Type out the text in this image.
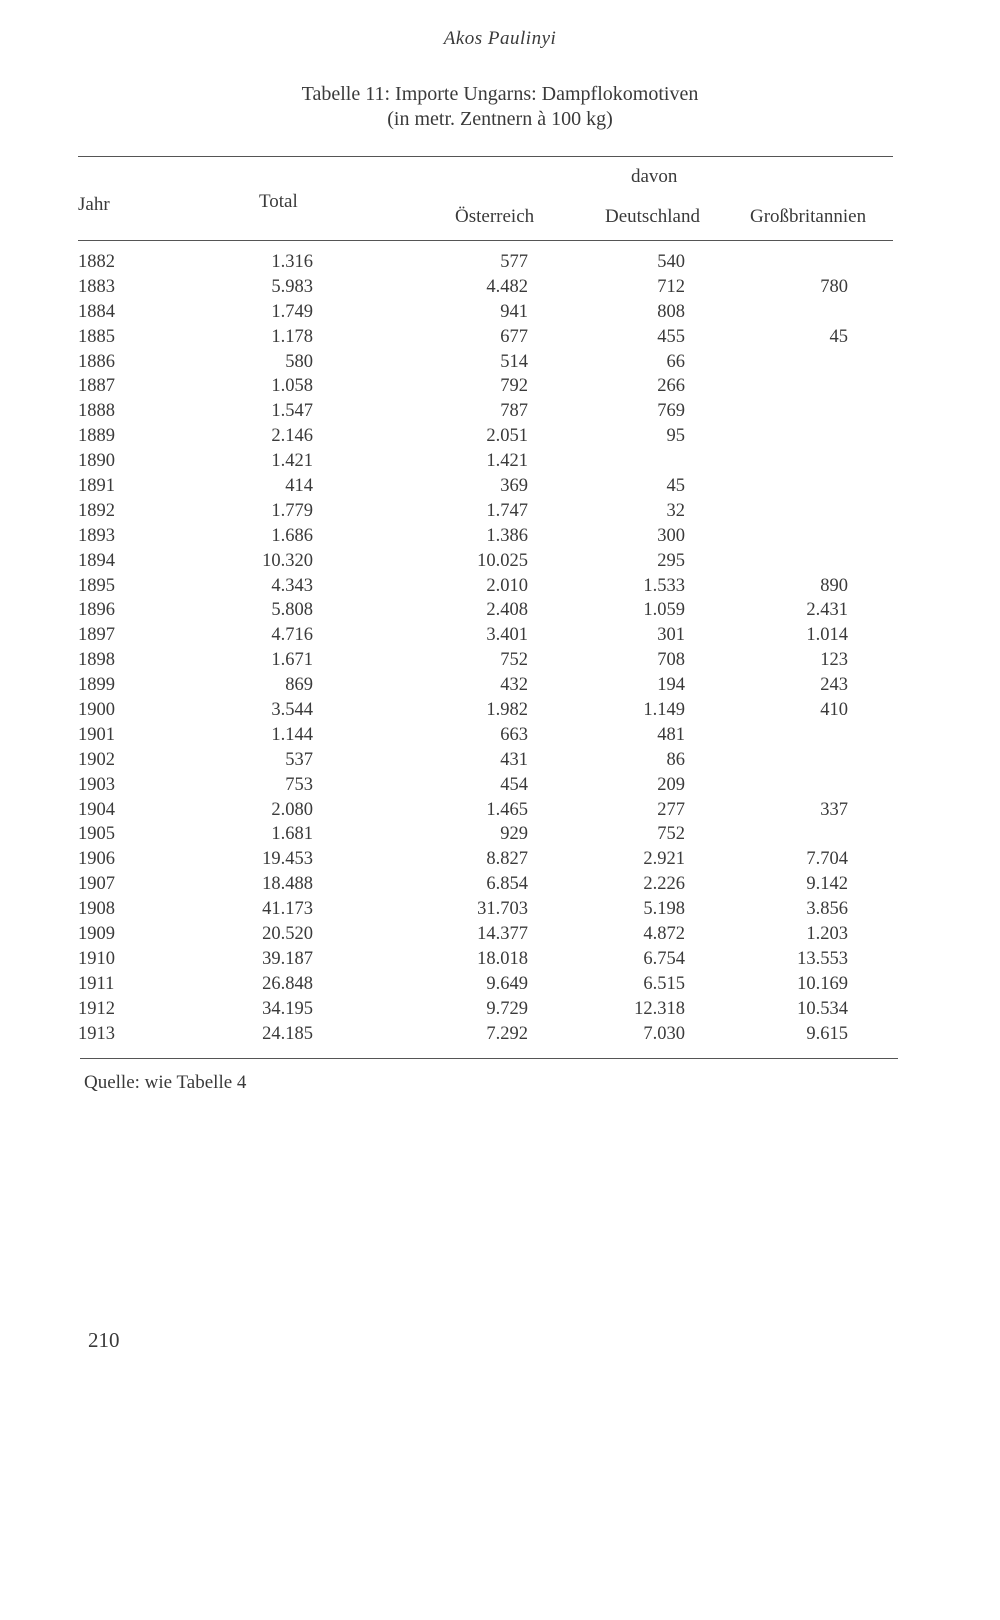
Akos Paulinyi
Tabelle 11: Importe Ungarns: Dampflokomotiven
(in metr. Zentnern à 100 kg)
Jahr	Total
davon
Österreich	Deutschland	Großbritannien
1882	1.316	577	540
1883	5.983	4.482	712	780
1884	1.749	941	808
1885	1.178	677	455	45
1886	580	514	66
1887	1.058	792	266
1888	1.547	787	769
1889	2.146	2.051	95
1890	1.421	1.421
1891	414	369	45
1892	1.779	1.747	32
1893	1.686	1.386	300
1894	10.320	10.025	295
1895	4.343	2.010	1.533	890
1896	5.808	2.408	1.059	2.431
1897	4.716	3.401	301	1.014
1898	1.671	752	708	123
1899	869	432	194	243
1900	3.544	1.982	1.149	410
1901	1.144	663	481
1902	537	431	86
1903	753	454	209
1904	2.080	1.465	277	337
1905	1.681	929	752
1906	19.453	8.827	2.921	7.704
1907	18.488	6.854	2.226	9.142
1908	41.173	31.703	5.198	3.856
1909	20.520	14.377	4.872	1.203
1910	39.187	18.018	6.754	13.553
1911	26.848	9.649	6.515	10.169
1912	34.195	9.729	12.318	10.534
1913	24.185	7.292	7.030	9.615
Quelle: wie Tabelle 4
210
